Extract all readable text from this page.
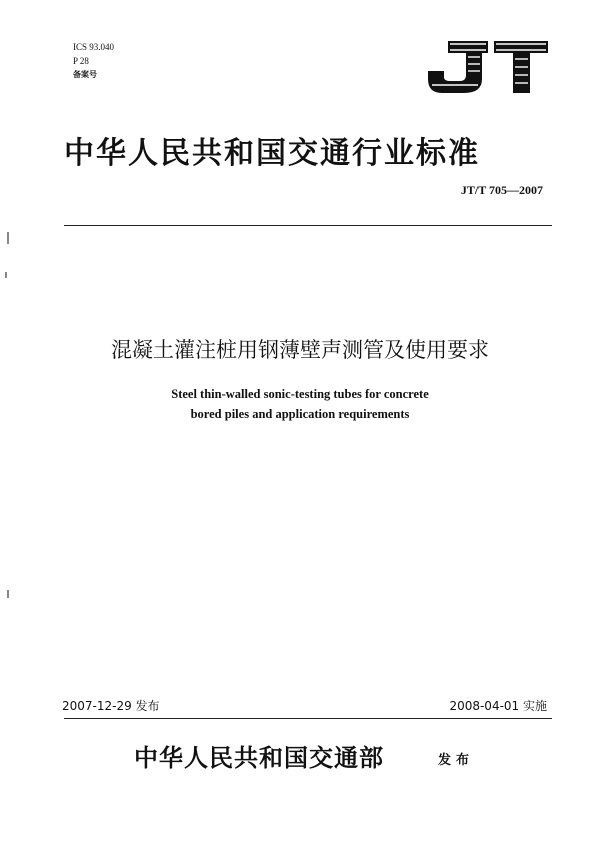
ICS 93.040
P 28
备案号
中华人民共和国交通行业标准
JT/T 705—2007
混凝土灌注桩用钢薄壁声测管及使用要求
Steel thin-walled sonic-testing tubes for concrete
bored piles and application requirements
2007-12-29 发布	2008-04-01 实施
中华人民共和国交通部	发布
